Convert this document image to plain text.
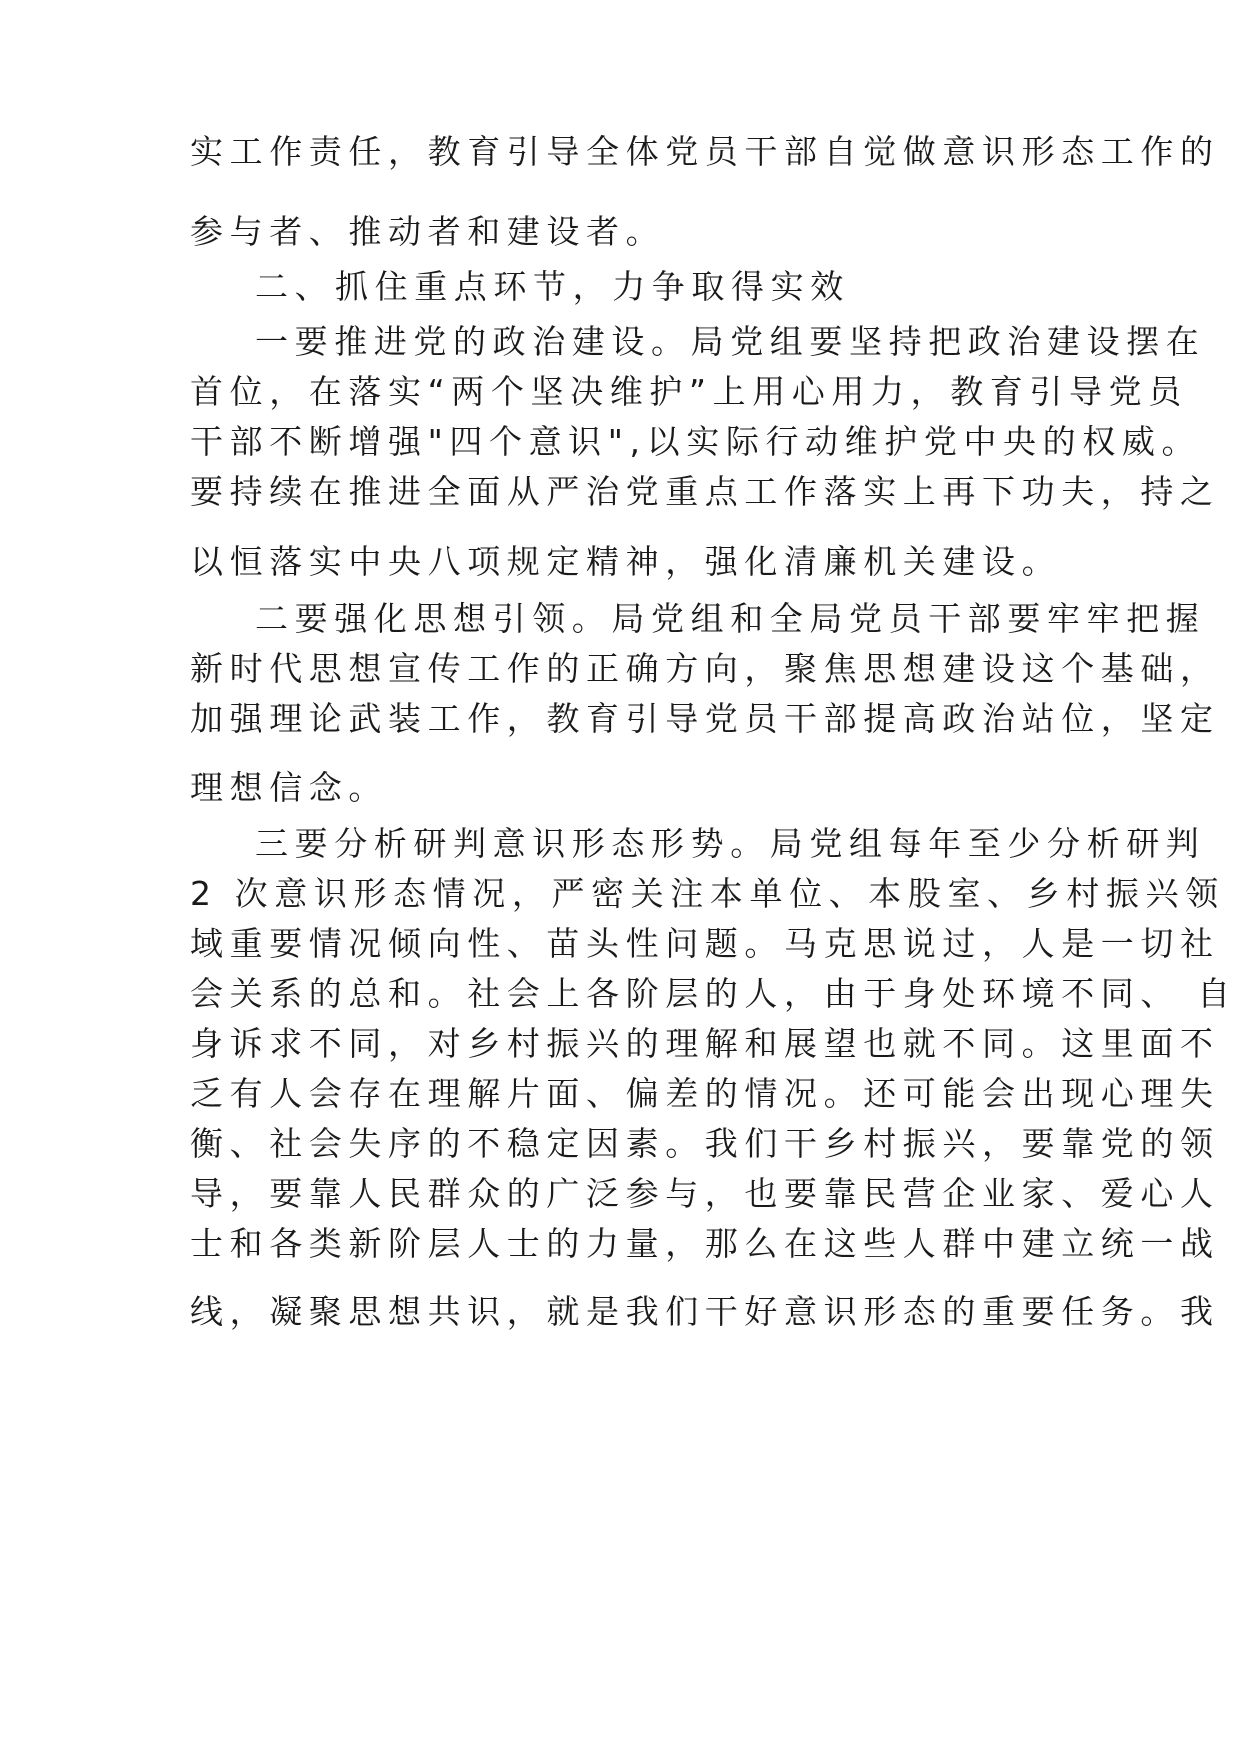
实工作责任，教育引导全体党员干部自觉做意识形态工作的
参与者、推动者和建设者。
二、抓住重点环节，力争取得实效
一要推进党的政治建设。局党组要坚持把政治建设摆在
首位，在落实“两个坚决维护”上用心用力，教育引导党员
干部不断增强"四个意识",以实际行动维护党中央的权威。
要持续在推进全面从严治党重点工作落实上再下功夫，持之
以恒落实中央八项规定精神，强化清廉机关建设。
二要强化思想引领。局党组和全局党员干部要牢牢把握
新时代思想宣传工作的正确方向，聚焦思想建设这个基础，
加强理论武装工作，教育引导党员干部提高政治站位，坚定
理想信念。
三要分析研判意识形态形势。局党组每年至少分析研判
2 次意识形态情况，严密关注本单位、本股室、乡村振兴领
域重要情况倾向性、苗头性问题。马克思说过，人是一切社
会关系的总和。社会上各阶层的人，由于身处环境不同、 自
身诉求不同，对乡村振兴的理解和展望也就不同。这里面不
乏有人会存在理解片面、偏差的情况。还可能会出现心理失
衡、社会失序的不稳定因素。我们干乡村振兴，要靠党的领
导，要靠人民群众的广泛参与，也要靠民营企业家、爱心人
士和各类新阶层人士的力量，那么在这些人群中建立统一战
线，凝聚思想共识，就是我们干好意识形态的重要任务。我
